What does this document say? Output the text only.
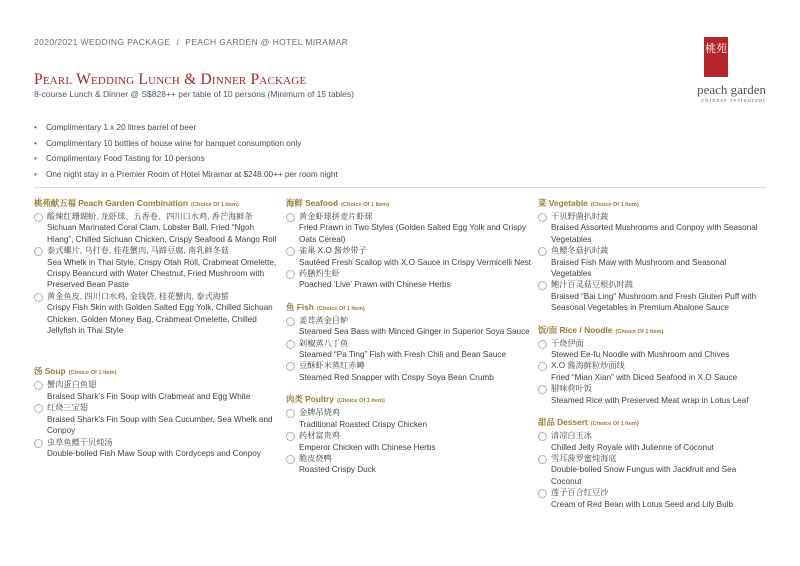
2020/2021 WEDDING PACKAGE / PEACH GARDEN @ HOTEL MIRAMAR	桃苑
peach garden
chinese restaurant
Pearl Wedding Lunch & Dinner Package
8-course Lunch & Dinner @ S$828++ per table of 10 persons (Minimum of 15 tables)
• Complimentary 1 x 20 litres barrel of beer
• Complimentary 10 bottles of house wine for banquet consumption only
• Complimentary Food Tasting for 10 persons
• One night stay in a Premier Room of Hotel Miramar at $248.00++ per room night
桃苑献五福 Peach Garden Combination (Choice Of 1 Item)
酸辣红珊瑚蚧, 龙虾球、五香卷、四川口水鸡, 香芒海鲜条
Sichuan Marinated Coral Clam, Lobster Ball, Fried “Ngoh Hiang”, Chilled Sichuan Chicken, Crispy Seafood & Mango Roll
泰式螺片, 乌打卷, 桂花蟹肉, 马蹄豆腐, 南乳鲜冬菇
Sea Whelk in Thai Style, Crispy Otah Roll, Crabmeat Omelette, Crispy Beancurd with Water Chestnut, Fried Mushroom with Preserved Bean Paste
黄金鱼皮, 四川口水鸡, 金钱袋, 桂花蟹肉, 泰式海蜇
Crispy Fish Skin with Golden Salted Egg Yolk, Chilled Sichuan Chicken, Golden Money Bag, Crabmeat Omelette, Chilled Jellyfish in Thai Style
汤 Soup (Choice Of 1 Item)
蟹肉蛋白鱼翅
Braised Shark’s Fin Soup with Crabmeat and Egg White
红烧三宝翅
Braised Shark’s Fin Soup with Sea Cucumber, Sea Whelk and Conpoy
虫草鱼鳔干贝炖汤
Double-boiled Fish Maw Soup with Cordyceps and Conpoy
海鲜 Seafood (Choice Of 1 Item)
黄金虾球拼麦片虾球
Fried Prawn in Two Styles (Golden Salted Egg Yolk and Crispy Oats Cereal)
雀巢 X.O 酱炒带子
Sautéed Fresh Scallop with X.O Sauce in Crispy Vermicelli Nest
药膳灼生虾
Poached ‘Live’ Prawn with Chinese Herbs
鱼 Fish (Choice Of 1 Item)
姜茸蒸金目鲈
Steamed Sea Bass with Minced Ginger in Superior Soya Sauce
剁椒蒸八丁鱼
Steamed “Pa Ting” Fish with Fresh Chili and Bean Sauce
豆酥虾米蒸红赤鳟
Steamed Red Snapper with Crispy Soya Bean Crumb
肉类 Poultry (Choice Of 1 Item)
金牌吊烧鸡
Traditional Roasted Crispy Chicken
药材富贵鸡
Emperor Chicken with Chinese Herbs
脆皮烧鸭
Roasted Crispy Duck
菜 Vegetable (Choice Of 1 Item)
干贝野菌扒时蔬
Braised Assorted Mushrooms and Conpoy with Seasonal Vegetables
鱼鳔冬菇扒时蔬
Braised Fish Maw with Mushroom and Seasonal Vegetables
鲍汁百灵菇豆根扒时蔬
Braised “Bai Ling” Mushroom and Fresh Gluten Puff with Seasonal Vegetables in Premium Abalone Sauce
饭/面 Rice / Noodle (Choice Of 1 Item)
干烧伊面
Stewed Ee-fu Noodle with Mushroom and Chives
X.O 酱海鲜粒炒面线
Fried “Mian Xian” with Diced Seafood in X.O Sauce
腊味荷叶饭
Steamed Rice with Preserved Meat wrap in Lotus Leaf
甜品 Dessert (Choice Of 1 Item)
清凉白玉冰
Chilled Jelly Royale with Julienne of Coconut
雪耳菠罗蜜炖海底
Double-boiled Snow Fungus with Jackfruit and Sea Coconut
莲子百合红豆沙
Cream of Red Bean with Lotus Seed and Lily Bulb
